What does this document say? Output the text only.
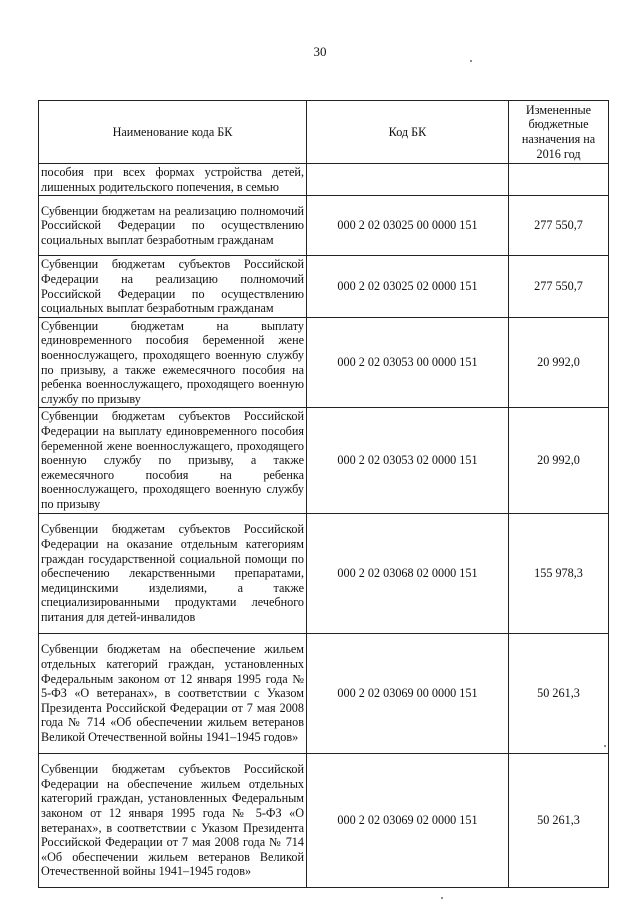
30
Наименование кода БК	Код БК	Измененные бюджетные назначения на 2016 год
пособия при всех формах устройства детей, лишенных родительского попечения, в семью		
Субвенции бюджетам на реализацию полномочий Российской Федерации по осуществлению социальных выплат безработным гражданам	000 2 02 03025 00 0000 151	277 550,7
Субвенции бюджетам субъектов Российской Федерации на реализацию полномочий Российской Федерации по осуществлению социальных выплат безработным гражданам	000 2 02 03025 02 0000 151	277 550,7
Субвенции бюджетам на выплату единовременного пособия беременной жене военнослужащего, проходящего военную службу по призыву, а также ежемесячного пособия на ребенка военнослужащего, проходящего военную службу по призыву	000 2 02 03053 00 0000 151	20 992,0
Субвенции бюджетам субъектов Российской Федерации на выплату единовременного пособия беременной жене военнослужащего, проходящего военную службу по призыву, а также ежемесячного пособия на ребенка военнослужащего, проходящего военную службу по призыву	000 2 02 03053 02 0000 151	20 992,0
Субвенции бюджетам субъектов Российской Федерации на оказание отдельным категориям граждан государственной социальной помощи по обеспечению лекарственными препаратами, медицинскими изделиями, а также специализированными продуктами лечебного питания для детей-инвалидов	000 2 02 03068 02 0000 151	155 978,3
Субвенции бюджетам на обеспечение жильем отдельных категорий граждан, установленных Федеральным законом от 12 января 1995 года № 5-ФЗ «О ветеранах», в соответствии с Указом Президента Российской Федерации от 7 мая 2008 года № 714 «Об обеспечении жильем ветеранов Великой Отечественной войны 1941–1945 годов»	000 2 02 03069 00 0000 151	50 261,3
Субвенции бюджетам субъектов Российской Федерации на обеспечение жильем отдельных категорий граждан, установленных Федеральным законом от 12 января 1995 года № 5-ФЗ «О ветеранах», в соответствии с Указом Президента Российской Федерации от 7 мая 2008 года № 714 «Об обеспечении жильем ветеранов Великой Отечественной войны 1941–1945 годов»	000 2 02 03069 02 0000 151	50 261,3
